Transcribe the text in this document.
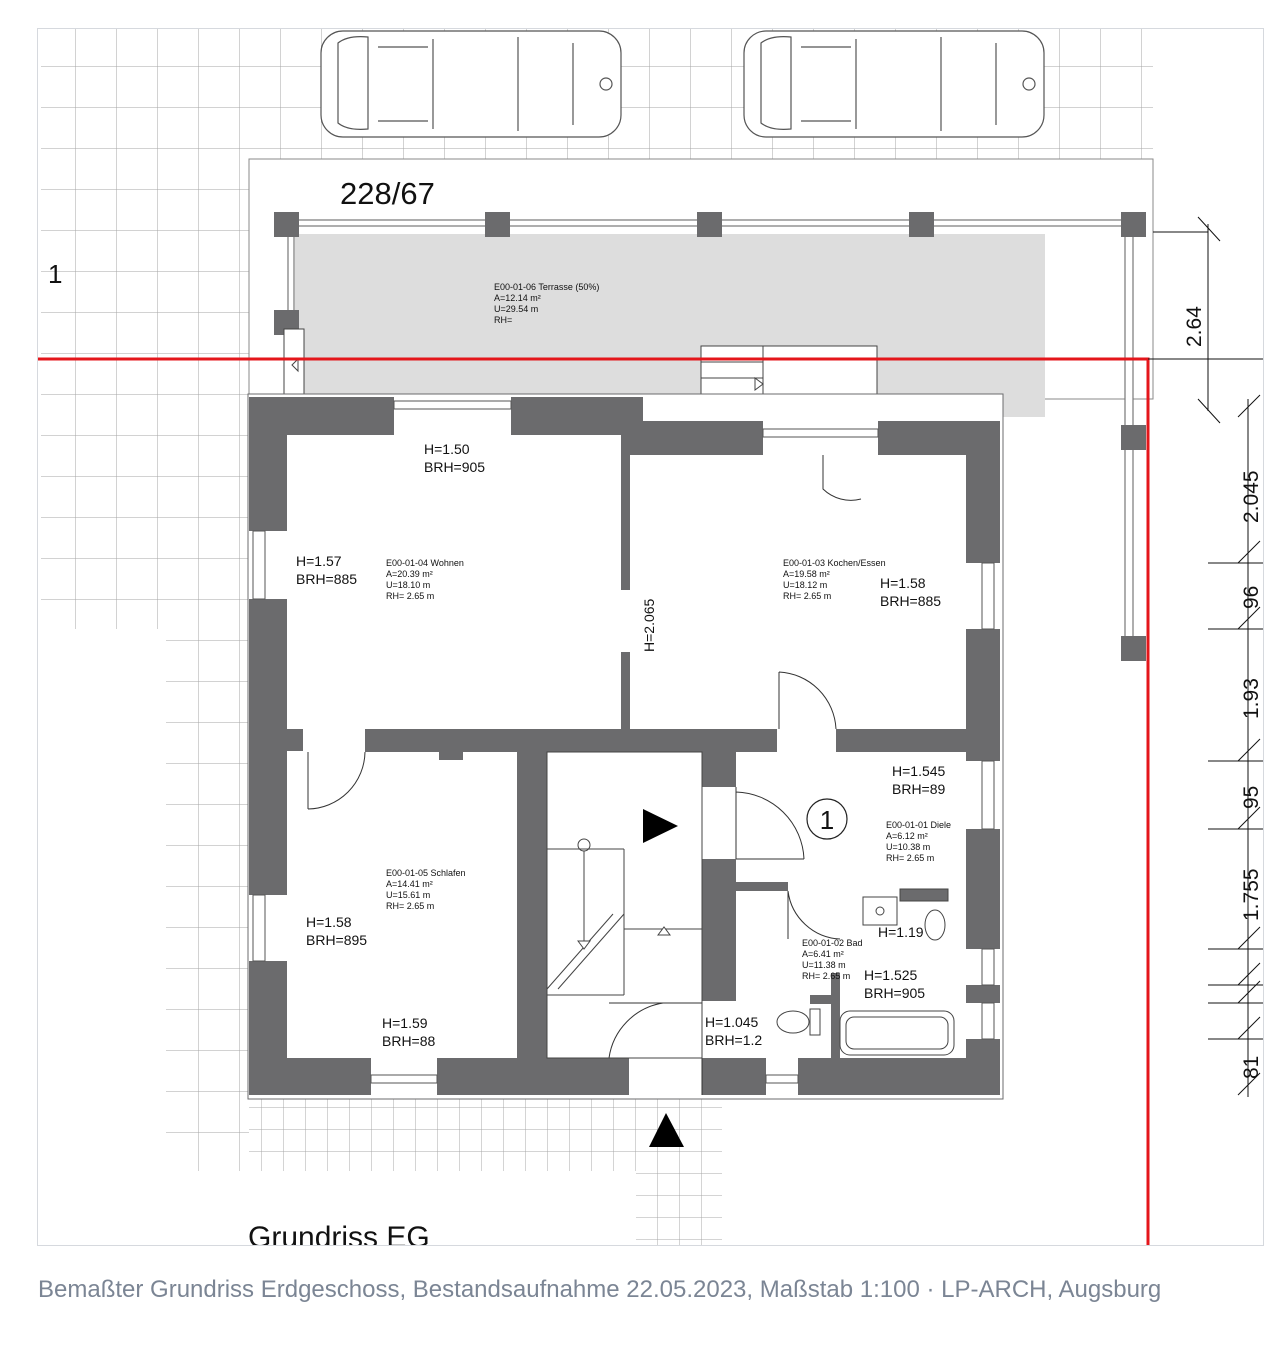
2.64
2.045
96
1.93
95
1.755
81
228/67
1	E00-01-06 Terrasse (50%)
A=12.14 m²
U=29.54 m
RH=
E00-01-04 Wohnen
A=20.39 m²
U=18.10 m
RH= 2.65 m
E00-01-03 Kochen/Essen
A=19.58 m²
U=18.12 m
RH= 2.65 m
E00-01-05 Schlafen
A=14.41 m²
U=15.61 m
RH= 2.65 m
E00-01-01 Diele
A=6.12 m²
U=10.38 m
RH= 2.65 m
E00-01-02 Bad
A=6.41 m²
U=11.38 m
RH= 2.65 m
H=1.50
BRH=905
H=1.57
BRH=885	H=1.58
BRH=885
H=1.545
BRH=89
H=1.58
BRH=895
H=1.59
BRH=88
H=1.525
BRH=905
H=1.045
BRH=1.2
H=1.19
H=2.065
1
Grundriss EG
Bemaßter Grundriss Erdgeschoss, Bestandsaufnahme 22.05.2023, Maßstab 1:100 · LP-ARCH, Augsburg
